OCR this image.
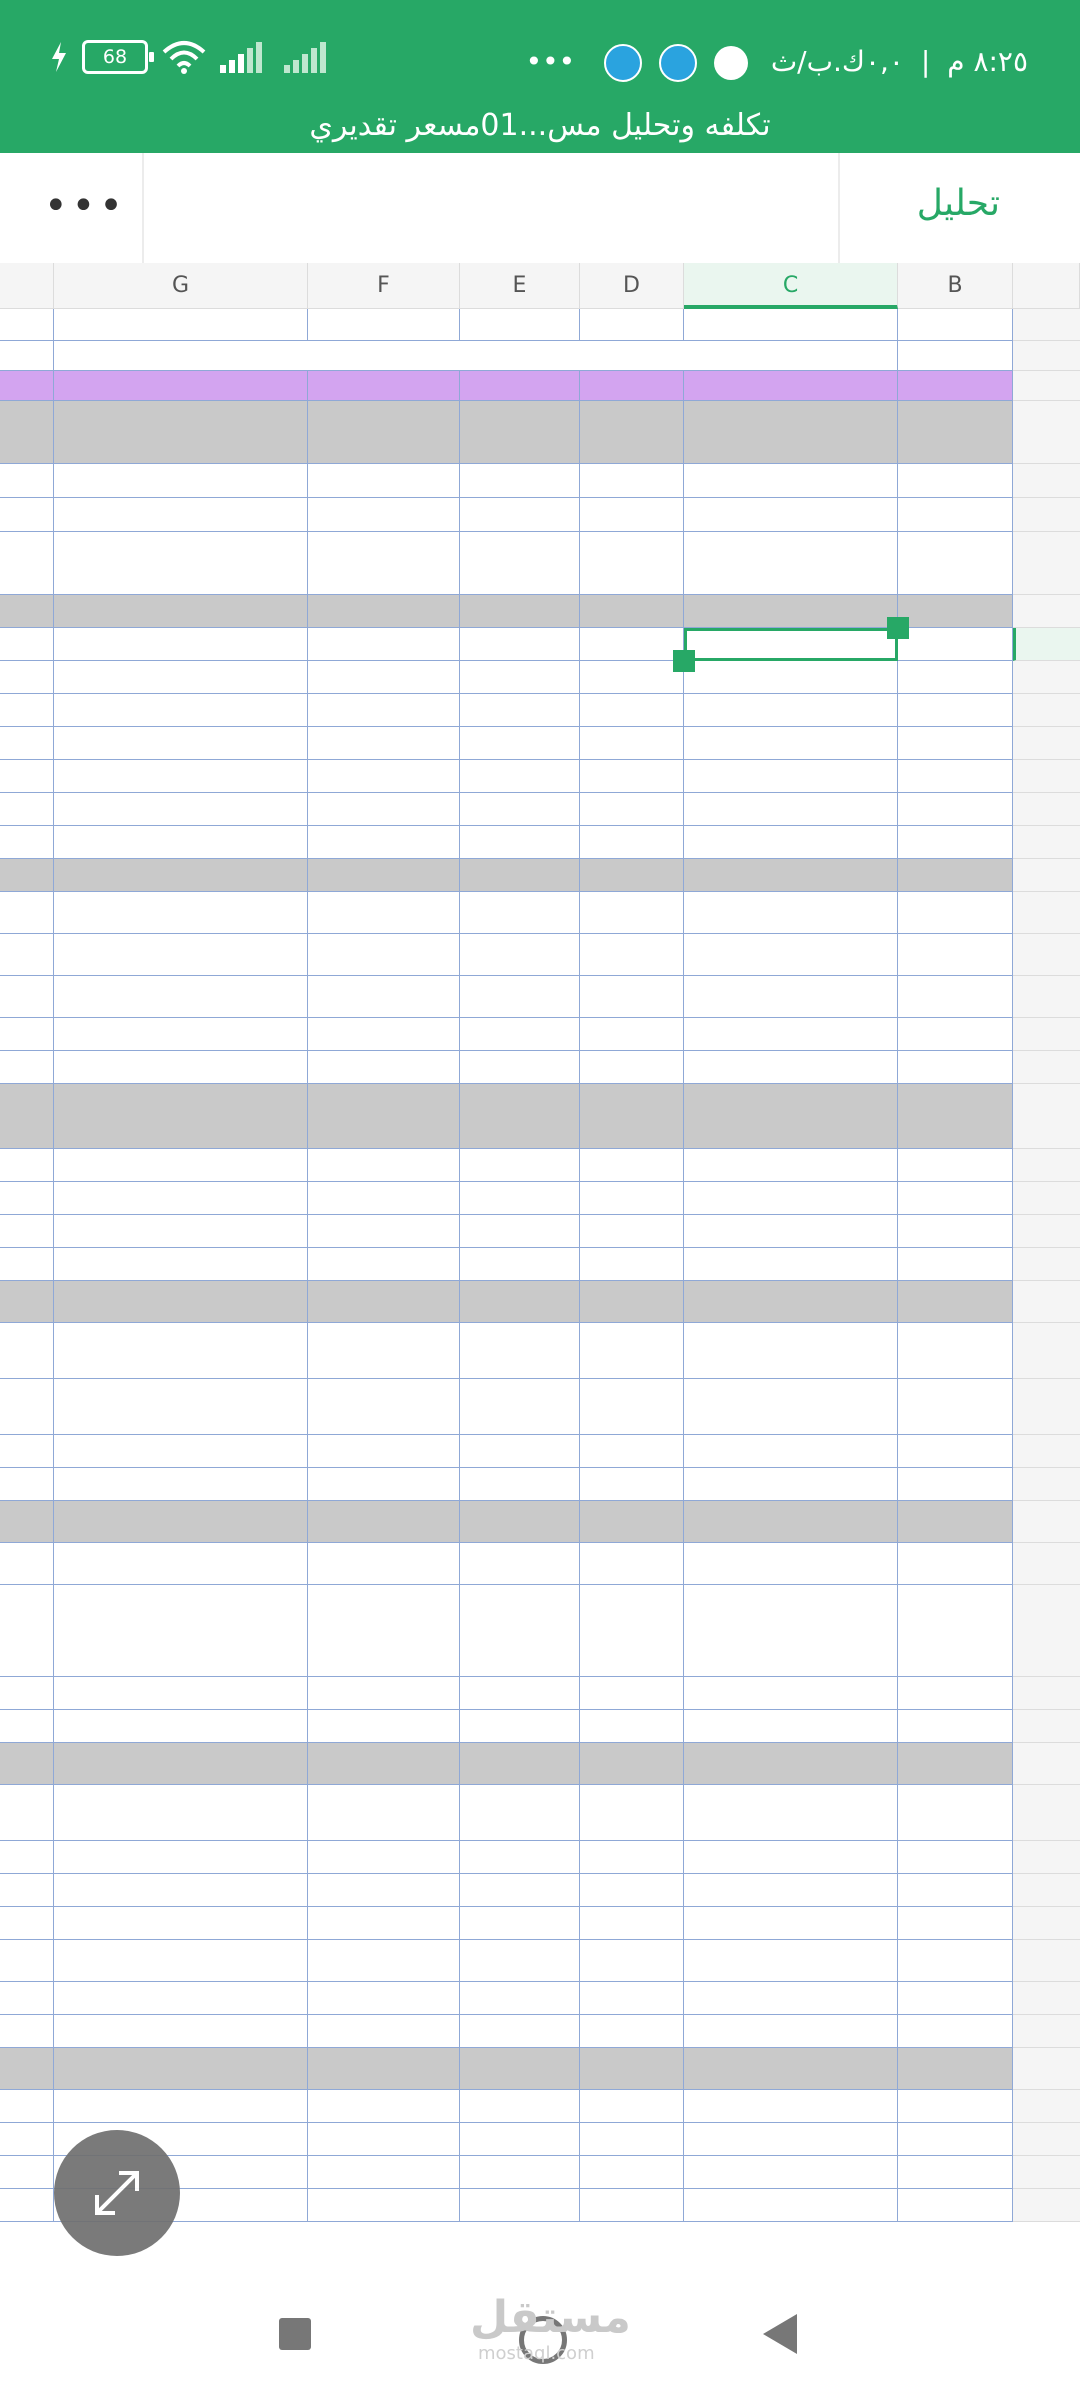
68	٨:٢٥ م | ٠,٠ك.ب/ث    •••
تكلفه وتحليل مس...01مسعر تقديري
•••	تحليل
G	F	E	D	C	B
مستقل
mostaql.com
